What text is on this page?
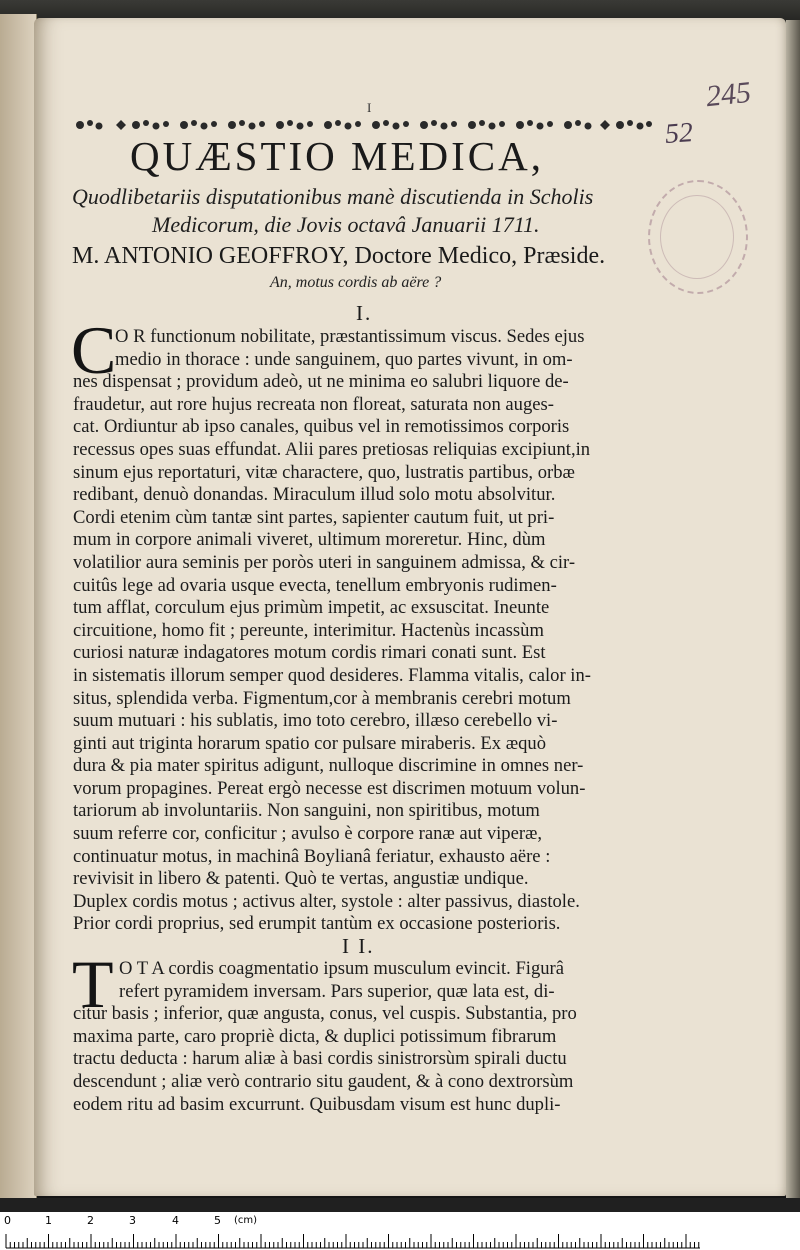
245
52
I
QUÆSTIO MEDICA,
Quodlibetariis disputationibus manè discutienda in Scholis
Medicorum, die Jovis octavâ Januarii 1711.
M. ANTONIO GEOFFROY, Doctore Medico, Præside.
An, motus cordis ab aëre ?
I.
C
O R functionum nobilitate, præstantissimum viscus. Sedes ejus
medio in thorace : unde sanguinem, quo partes vivunt, in om-
nes dispensat ; providum adeò, ut ne minima eo salubri liquore de-
fraudetur, aut rore hujus recreata non floreat, saturata non auges-
cat. Ordiuntur ab ipso canales, quibus vel in remotissimos corporis
recessus opes suas effundat. Alii pares pretiosas reliquias excipiunt,in
sinum ejus reportaturi, vitæ charactere, quo, lustratis partibus, orbæ
redibant, denuò donandas. Miraculum illud solo motu absolvitur.
Cordi etenim cùm tantæ sint partes, sapienter cautum fuit, ut pri-
mum in corpore animali viveret, ultimum moreretur. Hinc, dùm
volatilior aura seminis per poròs uteri in sanguinem admissa, & cir-
cuitûs lege ad ovaria usque evecta, tenellum embryonis rudimen-
tum afflat, corculum ejus primùm impetit, ac exsuscitat. Ineunte
circuitione, homo fit ; pereunte, interimitur. Hactenùs incassùm
curiosi naturæ indagatores motum cordis rimari conati sunt. Est
in sistematis illorum semper quod desideres. Flamma vitalis, calor in-
situs, splendida verba. Figmentum,cor à membranis cerebri motum
suum mutuari : his sublatis, imo toto cerebro, illæso cerebello vi-
ginti aut triginta horarum spatio cor pulsare miraberis. Ex æquò
dura & pia mater spiritus adigunt, nulloque discrimine in omnes ner-
vorum propagines. Pereat ergò necesse est discrimen motuum volun-
tariorum ab involuntariis. Non sanguini, non spiritibus, motum
suum referre cor, conficitur ; avulso è corpore ranæ aut viperæ,
continuatur motus, in machinâ Boylianâ feriatur, exhausto aëre :
revivisit in libero & patenti. Quò te vertas, angustiæ undique.
Duplex cordis motus ; activus alter, systole : alter passivus, diastole.
Prior cordi proprius, sed erumpit tantùm ex occasione posterioris.
I I.
T O T A cordis coagmentatio ipsum musculum evincit. Figurâ
refert pyramidem inversam. Pars superior, quæ lata est, di-
citur basis ; inferior, quæ angusta, conus, vel cuspis. Substantia, pro
maxima parte, caro propriè dicta, & duplici potissimum fibrarum
tractu deducta : harum aliæ à basi cordis sinistrorsùm spirali ductu
descendunt ; aliæ verò contrario situ gaudent, & à cono dextrorsùm
eodem ritu ad basim excurrunt. Quibusdam visum est hunc dupli-
0	1	2	3	4	5 (cm)
